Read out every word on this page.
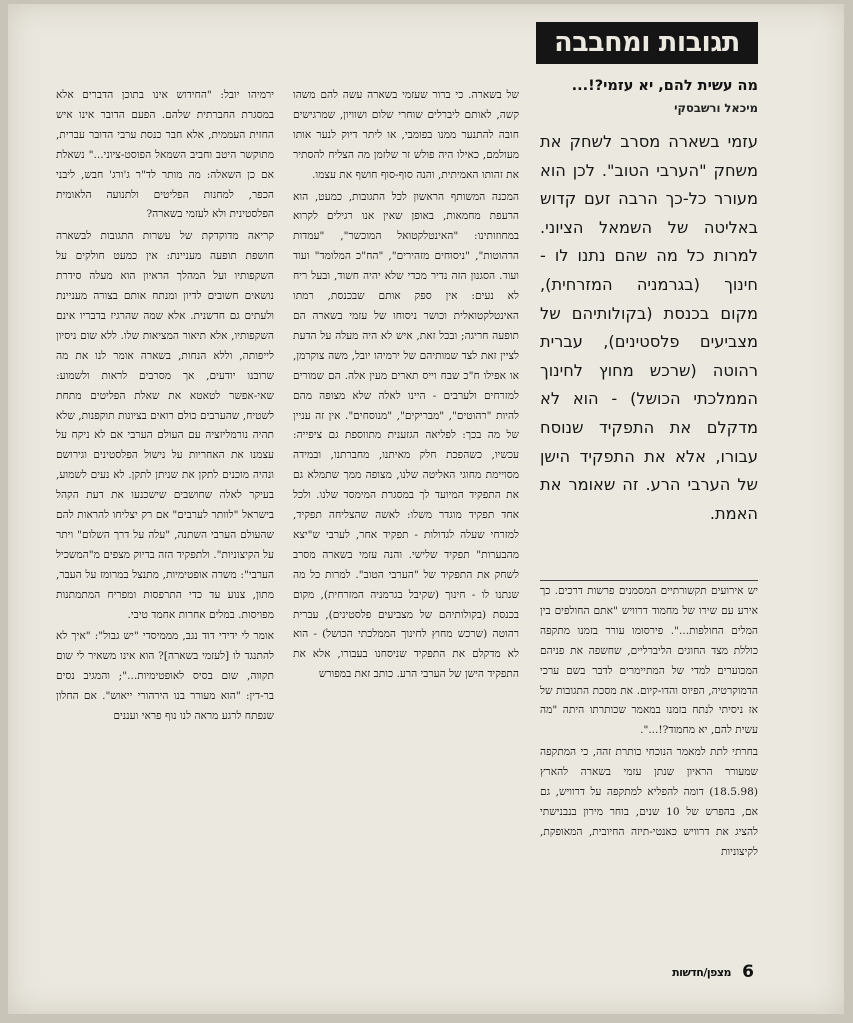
תגובות ומחבבה
מה עשית להם, יא עזמי?!...
מיכאל ורשבסקי
עזמי בשארה מסרב לשחק את משחק "הערבי הטוב". לכן הוא מעורר כל-כך הרבה זעם קדוש באליטה של השמאל הציוני. למרות כל מה שהם נתנו לו - חינוך (בגרמניה המזרחית), מקום בכנסת (בקולותיהם של מצביעים פלסטינים), עברית רהוטה (שרכש מחוץ לחינוך הממלכתי הכושל) - הוא לא מדקלם את התפקיד שנוסח עבורו, אלא את התפקיד הישן של הערבי הרע. זה שאומר את האמת.

יש אירועים תקשורתיים המסמנים פרשות דרכים. כך אירע עם שירו של מחמוד דרוויש "אתם החולפים בין המלים החולפות...". פירסומו עורר בזמנו מתקפה כוללת מצד החוגים הליברליים, שחשפה את פניהם המכוערים למדי של המתיימרים לדבר בשם ערכי הדמוקרטיה, הפיוס והדו-קיום. את מסכת התגובות של אז ניסיתי לנתח בזמנו במאמר שכותרתו היתה "מה עשית להם, יא מחמוד?!...".

בחרתי לתת למאמר הנוכחי כותרת זהה, כי המתקפה שמעורר הראיון שנתן עזמי בשארה להארץ (18.5.98) דומה להפליא למתקפה על דרוויש, גם אם, בהפרש של 10 שנים, בוחר מירון בנבנישתי להציג את דרוויש כאנטי-תיזה החיובית, המאופקת, לקיצוניות

של בשארה. כי ברור שעזמי בשארה עשה להם משהו קשה, לאותם ליברלים שוחרי שלום ושוויון, שמרגישים חובה להתנער ממנו בפומבי, או ליתר דיוק לנער אותו מעולמם, כאילו היה פולש זר שלזמן מה הצליח להסתיר את זהותו האמיתית, והנה סוף-סוף חושף את עצמו.

המכנה המשותף הראשון לכל התגובות, כמעט, הוא הרעפת מחמאות, באופן שאין אנו רגילים לקרוא במחוזותינו: "האינטלקטואל המוכשר", "עמדות הרהוטות", "ניסוחים מזהירים", "הח"כ המלומד" ועוד ועוד. הסגנון הזה נדיר מכדי שלא יהיה חשוד, ובעל ריח לא נעים: אין ספק אותם שבכנסת, רמתו האינטלקטואלית וכושר ניסוחו של עזמי בשארה הם תופעה חריגה; ובכל זאת, איש לא היה מעלה על הדעת לציין זאת לצד שמותיהם של ירמיהו יובל, משה צוקרמן, או אפילו ח"כ שבח וייס תארים מעין אלה. הם שמורים למזרחים ולערבים - היינו לאלה שלא מצופה מהם להיות "רהוטים", "מבריקים", "מנוסחים". אין זה עניין של מה בכך: לפליאה הגזענית מתווספת גם ציפייה: עכשיו, כשהפכת חלק מאיתנו, מחברתנו, ובמידה מסויימת מחוגי האליטה שלנו, מצופה ממך שתמלא גם את התפקיד המיועד לך במסגרת המימסד שלנו. ולכל אחד תפקיד מוגדר משלו: לאשה שהצליחה תפקיד, למזרחי שעלה לגדולות - תפקיד אחר, לערבי ש"יצא מהבערות" תפקיד שלישי. והנה עזמי בשארה מסרב לשחק את התפקיד של "הערבי הטוב". למרות כל מה שנתנו לו - חינוך (שקיבל בגרמניה המזרחית), מקום בכנסת (בקולותיהם של מצביעים פלסטינים), עברית רהוטה (שרכש מחוץ לחינוך הממלכתי הכושל) - הוא לא מדקלם את התפקיד שניסחנו בעבורו, אלא את התפקיד הישן של הערבי הרע. כותב זאת במפורש

ירמיהו יובל: "החידוש אינו בתוכן הדברים אלא במסגרת החברתית שלהם. הפעם הדובר אינו איש החזית העממית, אלא חבר כנסת ערבי הדובר עברית, מתוקשר היטב וחביב השמאל הפוסט-ציוני..." נשאלת אם כן השאלה: מה מותר לד"ר ג'ורג' חבש, ליבני הכפר, למחנות הפליטים ולתנועה הלאומית הפלסטינית ולא לעזמי בשארה?

קריאה מדוקדקת של עשרות התגובות לבשארה חושפת תופעה מעניינת: אין כמעט חולקים על השקפותיו ועל המהלך הראיון הוא מעלה סידרת נושאים חשובים לדיון ומנתח אותם בצורה מעניינת ולעתים גם חדשנית. אלא שמה שהרגיז בדבריו אינם השקפותיו, אלא תיאור המציאות שלו. ללא שום ניסיון לייפותה, וללא הנחות, בשארה אומר לנו את מה שרובנו יודעים, אך מסרבים לראות ולשמוע: שאי-אפשר לטאטא את שאלת הפליטים מתחת לשטיח, שהערבים כולם רואים בציונות תוקפנות, שלא תהיה נורמליזציה עם העולם הערבי אם לא ניקח על עצמנו את האחריות על נישול הפלסטינים וגירושם ונהיה מוכנים לתקן את שניתן לתקן. לא נעים לשמוע, בעיקר לאלה שחושבים שישכנעו את דעת הקהל בישראל "לוותר לערבים" אם רק יצליחו להראות להם שהעולם הערבי השתנה, "עלה על דרך השלום" ויתר על הקיצוניות". ולתפקיד הזה בדיוק מצפים מ"המשכיל הערבי": משרה אופטימיות, מתנצל במרומז על העבר, מתון, צנוע עד כדי התרפסות ומפריח המתמתנות מפויסות. במלים אחרות אחמד טיבי.

אומר לי ידידי דוד נגב, מממיסדי "יש גבול": "איך לא להתנגד לו [לעזמי בשארה]? הוא אינו משאיר לי שום תקווה, שום בסיס לאופטימיות..."; והמגיב נסים בר-דין: "הוא מעורר בנו הירהורי ייאוש". אם החלון שנפתח לרגע מראה לנו נוף פראי ועננים

מצפן/חדשות 6
